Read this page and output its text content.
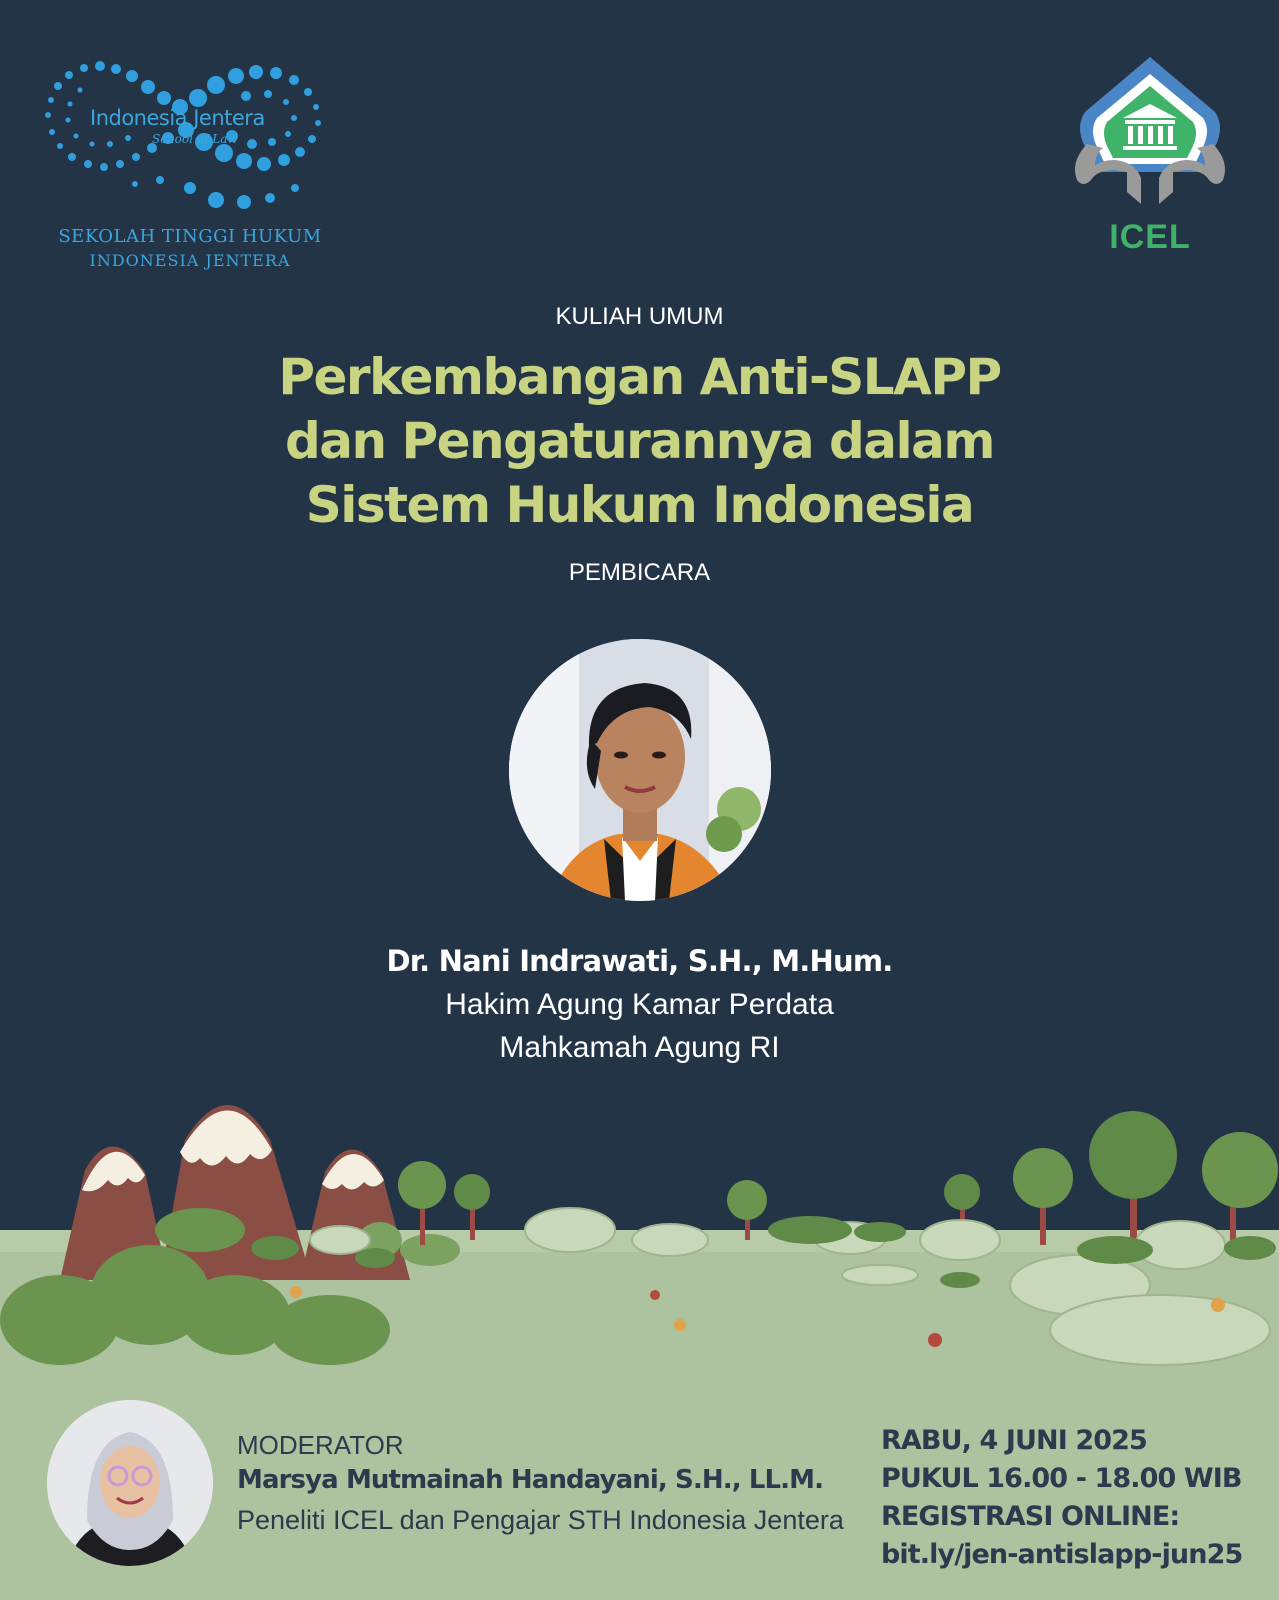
Indonesia Jentera
School of Law
SEKOLAH TINGGI HUKUM
INDONESIA JENTERA
ICEL
KULIAH UMUM
Perkembangan Anti-SLAPP
dan Pengaturannya dalam
Sistem Hukum Indonesia
PEMBICARA
Dr. Nani Indrawati, S.H., M.Hum.
Hakim Agung Kamar Perdata
Mahkamah Agung RI
MODERATOR
Marsya Mutmainah Handayani, S.H., LL.M.
Peneliti ICEL dan Pengajar STH Indonesia Jentera
RABU, 4 JUNI 2025
PUKUL 16.00 - 18.00 WIB
REGISTRASI ONLINE:
bit.ly/jen-antislapp-jun25
